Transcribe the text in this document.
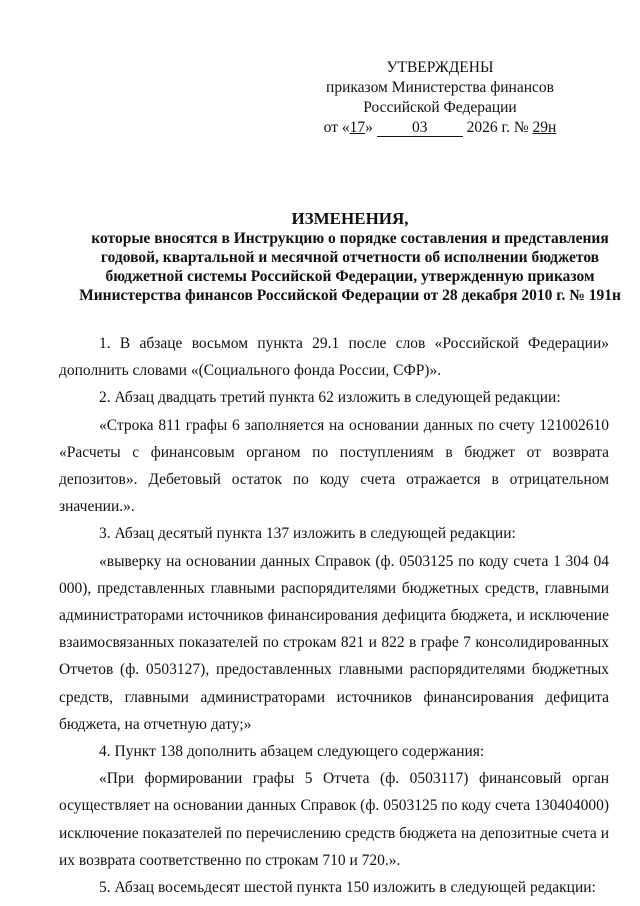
УТВЕРЖДЕНЫ
приказом Министерства финансов
Российской Федерации
от «17»	03	2026 г. № 29н
ИЗМЕНЕНИЯ,
которые вносятся в Инструкцию о порядке составления и представления
годовой, квартальной и месячной отчетности об исполнении бюджетов
бюджетной системы Российской Федерации, утвержденную приказом
Министерства финансов Российской Федерации от 28 декабря 2010 г. № 191н

1. В абзаце восьмом пункта 29.1 после слов «Российской Федерации» дополнить словами «(Социального фонда России, СФР)».

2. Абзац двадцать третий пункта 62 изложить в следующей редакции:

«Строка 811 графы 6 заполняется на основании данных по счету 121002610 «Расчеты с финансовым органом по поступлениям в бюджет от возврата депозитов». Дебетовый остаток по коду счета отражается в отрицательном значении.».

3. Абзац десятый пункта 137 изложить в следующей редакции:

«выверку на основании данных Справок (ф. 0503125 по коду счета 1 304 04 000), представленных главными распорядителями бюджетных средств, главными администраторами источников финансирования дефицита бюджета, и исключение взаимосвязанных показателей по строкам 821 и 822 в графе 7 консолидированных Отчетов (ф. 0503127), предоставленных главными распорядителями бюджетных средств, главными администраторами источников финансирования дефицита бюджета, на отчетную дату;»

4. Пункт 138 дополнить абзацем следующего содержания:

«При формировании графы 5 Отчета (ф. 0503117) финансовый орган осуществляет на основании данных Справок (ф. 0503125 по коду счета 130404000) исключение показателей по перечислению средств бюджета на депозитные счета и их возврата соответственно по строкам 710 и 720.».

5. Абзац восемьдесят шестой пункта 150 изложить в следующей редакции:
